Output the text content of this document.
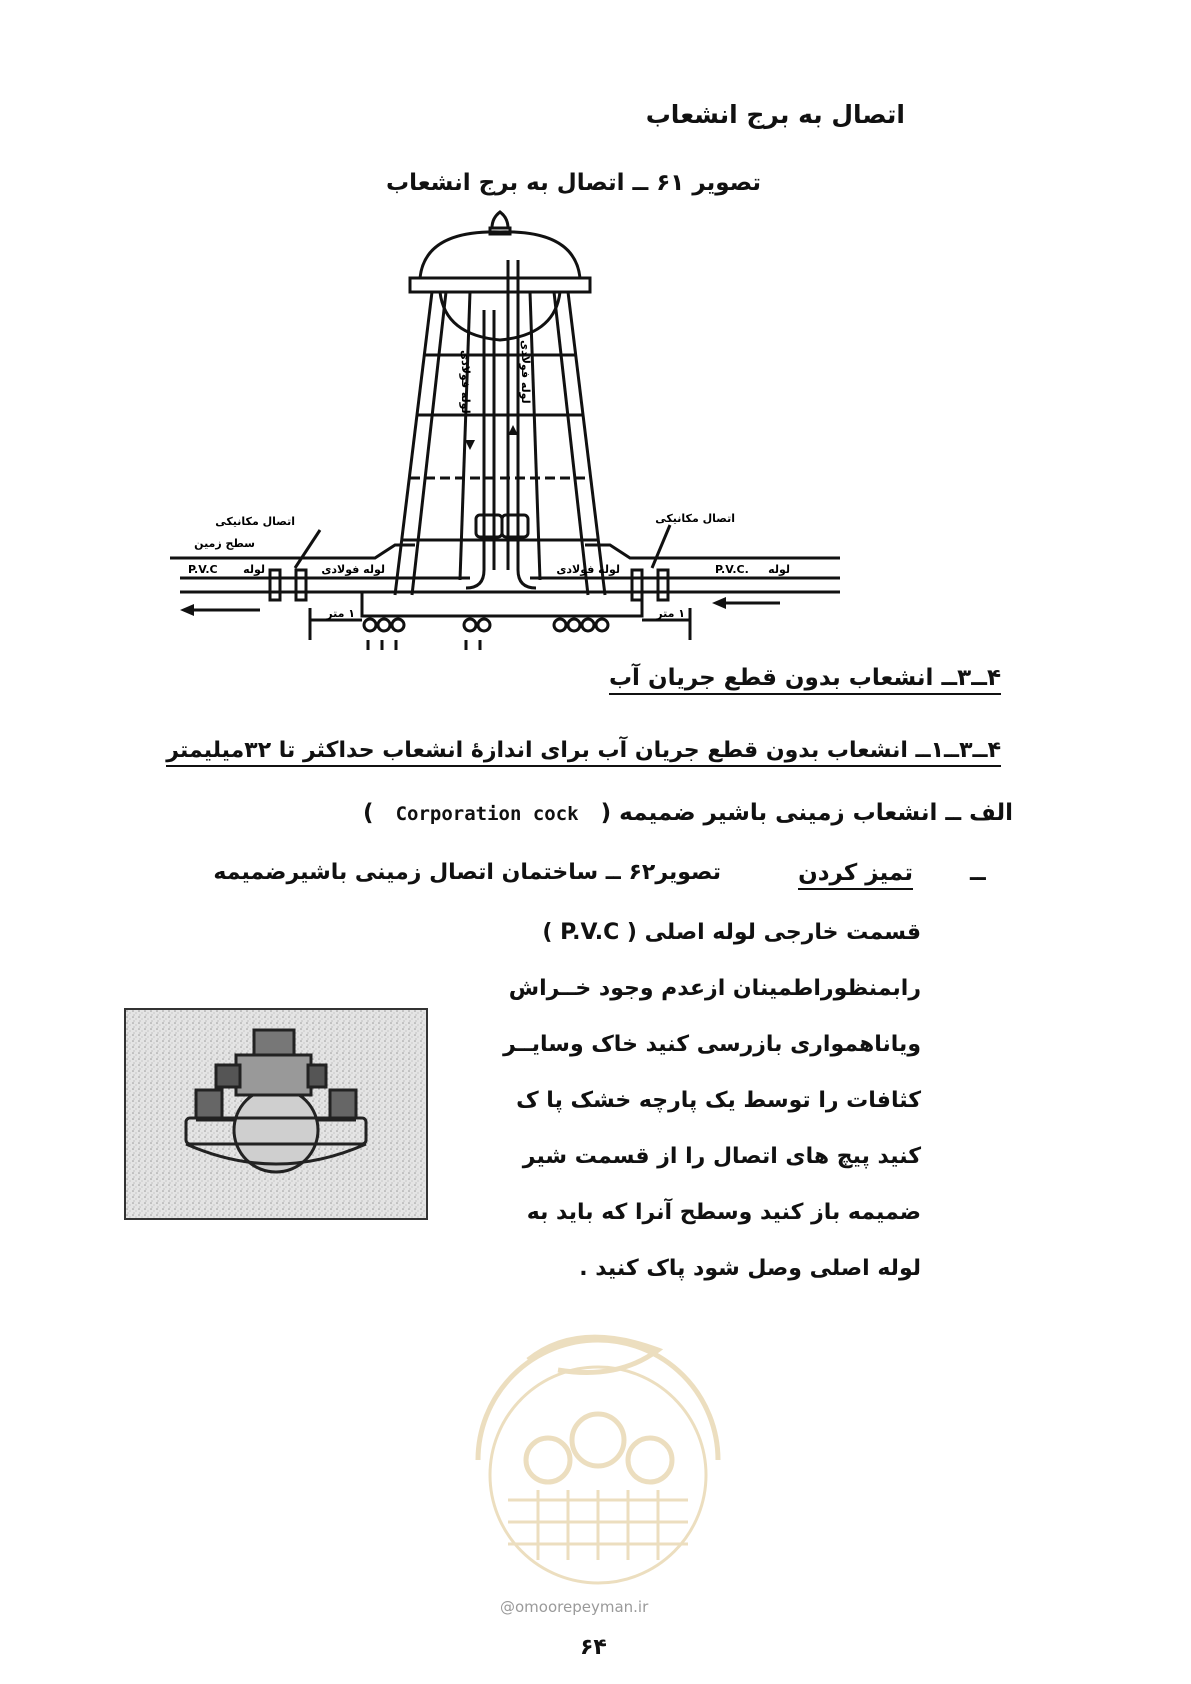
اتصال به برج انشعاب
تصویر ۶۱ ــ اتصال به برج انشعاب
لوله فولادی	لوله فولادی
اتصال مکانیکی	اتصال مکانیکی
سطح زمین
P.V.C لوله	لوله فولادی	لوله فولادی	P.V.C. لوله
۱ متر	۱ متر
۴ــ۳ــ انشعاب بدون قطع جریان آب
۴ــ۳ــ۱ــ انشعاب بدون قطع جریان آب برای اندازهٔ انشعاب حداکثر تا ۳۲میلیمتر
الف ــ انشعاب زمینی باشیر ضمیمه ( Corporation cock )
ــ
تمیز کردن
تصویر۶۲ ــ ساختمان اتصال زمینی باشیرضمیمه
قسمت خارجی لوله اصلی ( P.V.C )
رابمنظوراطمینان ازعدم وجود خــراش
ویاناهمواری بازرسی کنید خاک وسایــر
کثافات را توسط یک پارچه خشک پا ک
کنید پیچ های اتصال را از قسمت شیر
ضمیمه باز کنید وسطح آنرا که باید به
لوله اصلی وصل شود پاک کنید .
@omoorepeyman.ir
۶۴
